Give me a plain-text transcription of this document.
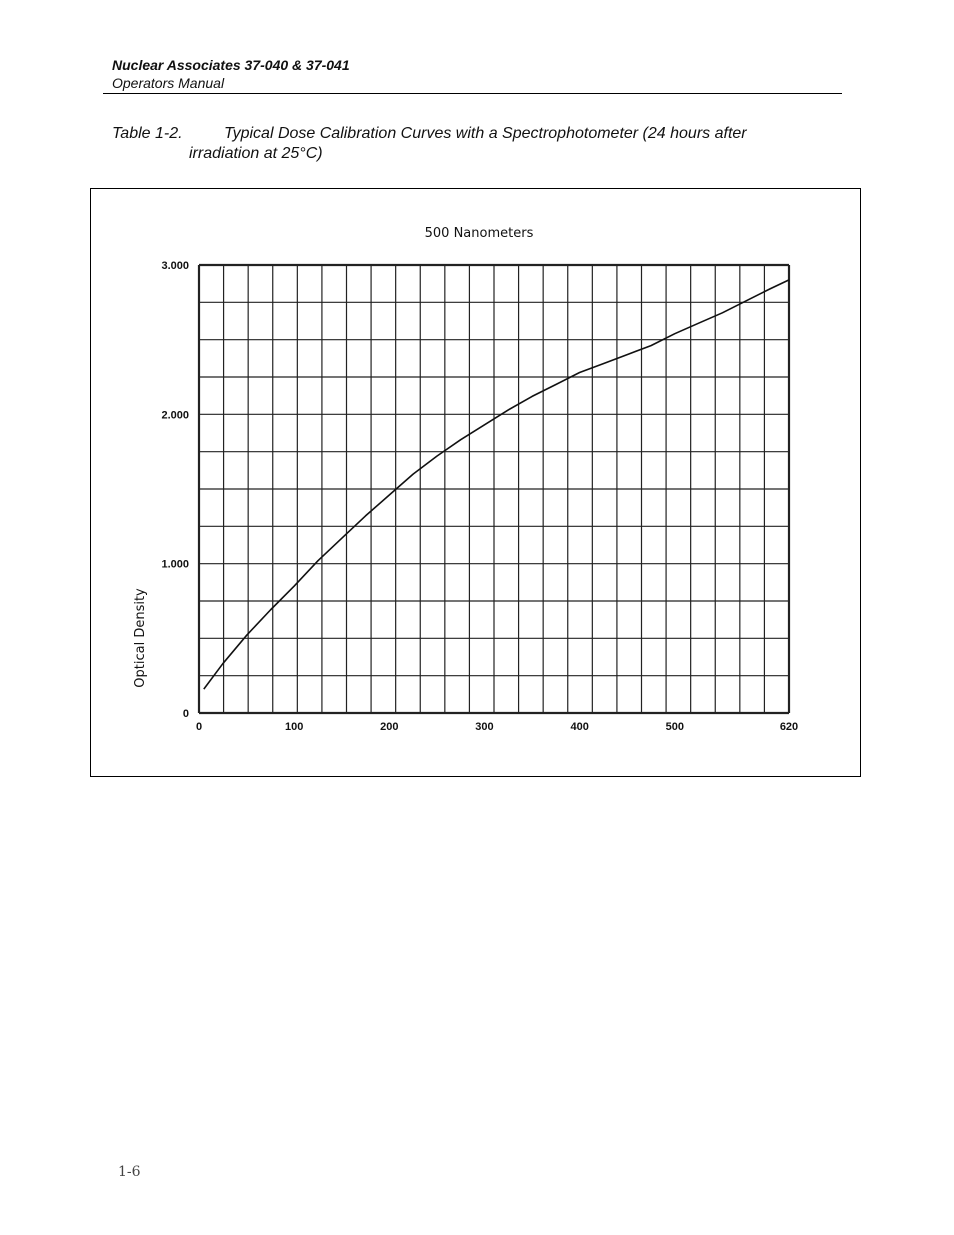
Nuclear Associates 37-040 & 37-041
Operators Manual
Table 1-2.	Typical Dose Calibration Curves with a Spectrophotometer (24 hours after
irradiation at 25°C)
500 Nanometers
Optical Density
0	100	200	300	400	500	620
0
1.000
2.000
3.000
1-6
